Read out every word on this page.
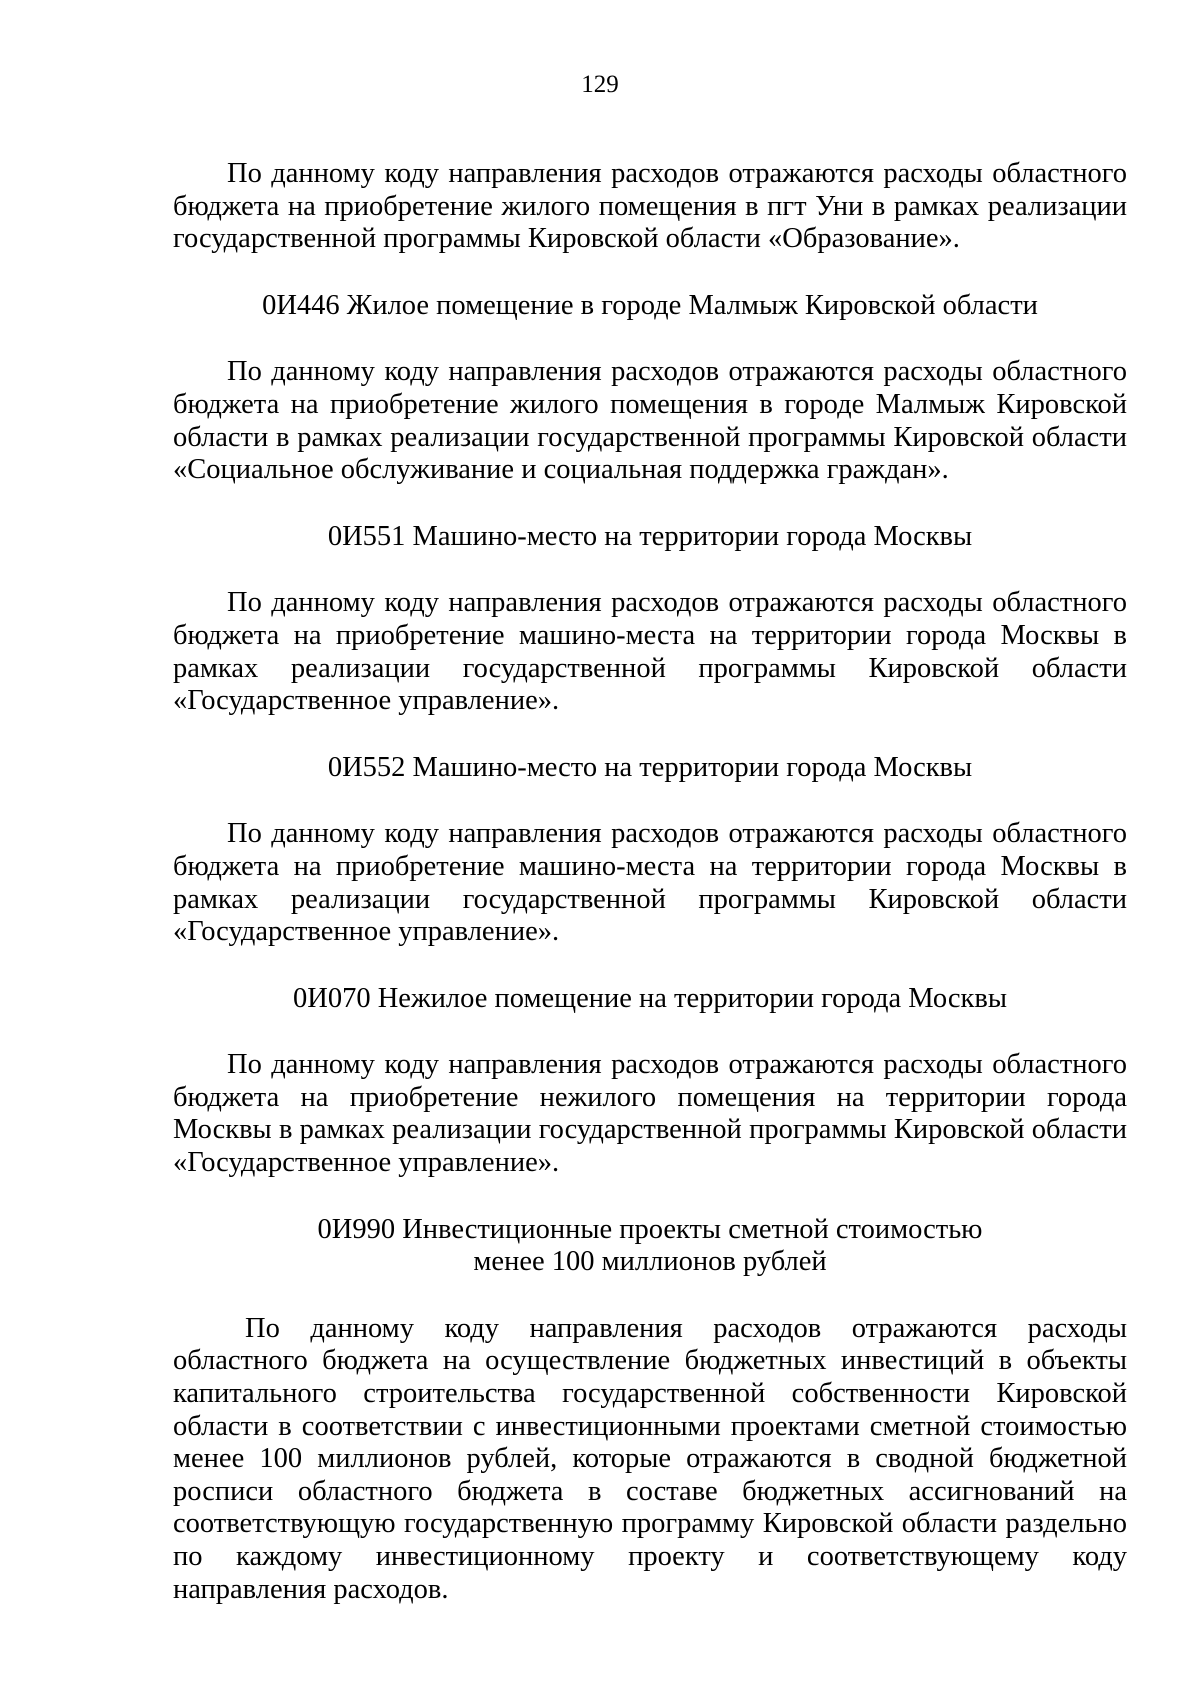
129

По данному коду направления расходов отражаются расходы областного бюджета на приобретение жилого помещения в пгт Уни в рамках реализации государственной программы Кировской области «Образование».

0И446 Жилое помещение в городе Малмыж Кировской области

По данному коду направления расходов отражаются расходы областного бюджета на приобретение жилого помещения в городе Малмыж Кировской области в рамках реализации государственной программы Кировской области «Социальное обслуживание и социальная поддержка граждан».

0И551 Машино-место на территории города Москвы

По данному коду направления расходов отражаются расходы областного бюджета на приобретение машино-места на территории города Москвы в рамках реализации государственной программы Кировской области «Государственное управление».

0И552 Машино-место на территории города Москвы

По данному коду направления расходов отражаются расходы областного бюджета на приобретение машино-места на территории города Москвы в рамках реализации государственной программы Кировской области «Государственное управление».

0И070 Нежилое помещение на территории города Москвы

По данному коду направления расходов отражаются расходы областного бюджета на приобретение нежилого помещения на территории города Москвы в рамках реализации государственной программы Кировской области «Государственное управление».

0И990 Инвестиционные проекты сметной стоимостью

менее 100 миллионов рублей

По данному коду направления расходов отражаются расходы областного бюджета на осуществление бюджетных инвестиций в объекты капитального строительства государственной собственности Кировской области в соответствии с инвестиционными проектами сметной стоимостью менее 100 миллионов рублей, которые отражаются в сводной бюджетной росписи областного бюджета в составе бюджетных ассигнований на соответствующую государственную программу Кировской области раздельно по каждому инвестиционному проекту и соответствующему коду направления расходов.
